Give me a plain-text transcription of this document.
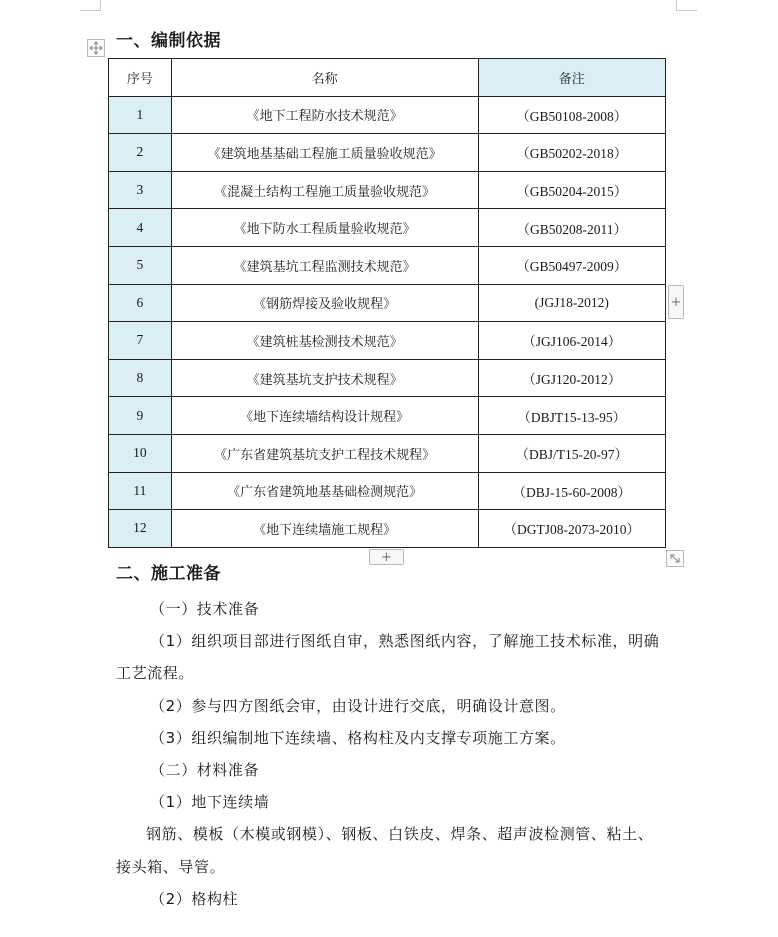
一、编制依据
序号	名称	备注
1	《地下工程防水技术规范》	（GB50108-2008）
2	《建筑地基基础工程施工质量验收规范》	（GB50202-2018）
3	《混凝土结构工程施工质量验收规范》	（GB50204-2015）
4	《地下防水工程质量验收规范》	（GB50208-2011）
5	《建筑基坑工程监测技术规范》	（GB50497-2009）
6	《钢筋焊接及验收规程》	(JGJ18-2012)
7	《建筑桩基检测技术规范》	（JGJ106-2014）
8	《建筑基坑支护技术规程》	（JGJ120-2012）
9	《地下连续墙结构设计规程》	（DBJT15-13-95）
10	《广东省建筑基坑支护工程技术规程》	（DBJ/T15-20-97）
11	《广东省建筑地基基础检测规范》	（DBJ-15-60-2008）
12	《地下连续墙施工规程》	（DGTJ08-2073-2010）
+
+
二、施工准备
（一）技术准备
（1）组织项目部进行图纸自审，熟悉图纸内容，了解施工技术标准，明确
工艺流程。
（2）参与四方图纸会审，由设计进行交底，明确设计意图。
（3）组织编制地下连续墙、格构柱及内支撑专项施工方案。
（二）材料准备
（1）地下连续墙
钢筋、模板（木模或钢模）、钢板、白铁皮、焊条、超声波检测管、粘土、
接头箱、导管。
（2）格构柱
